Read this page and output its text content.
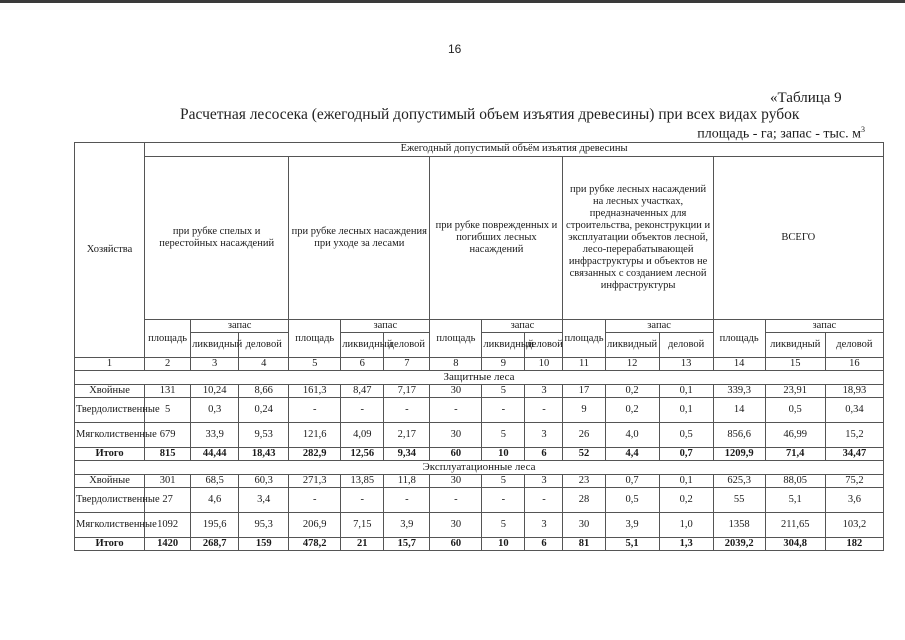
16
«Таблица 9
Расчетная лесосека (ежегодный допустимый объем изъятия древесины) при всех видах рубок
площадь - га; запас - тыс. $м^3$
Хозяйства	Ежегодный допустимый объём изъятия древесины														
	при рубке спелых и перестойных насаждений			при рубке лесных насаждения при уходе за лесами			при рубке поврежденных и погибших лесных насаждений			при рубке лесных насаждений на лесных участках, предназначенных для строительства, реконструкции и эксплуатации объектов лесной, лесо-перерабатывающей инфраструктуры и объектов не связанных с созданием лесной инфраструктуры			ВСЕГО		
	площадь	запас		площадь	запас		площадь	запас		площадь	запас		площадь	запас	
		ликвидный	деловой		ликвидный	деловой		ликвидный	деловой		ликвидный	деловой		ликвидный	деловой
1	2	3	4	5	6	7	8	9	10	11	12	13	14	15	16
Защитные леса															
Хвойные	131	10,24	8,66	161,3	8,47	7,17	30	5	3	17	0,2	0,1	339,3	23,91	18,93
Твердолиственные	5	0,3	0,24	-	-	-	-	-	-	9	0,2	0,1	14	0,5	0,34
Мягколиственные	679	33,9	9,53	121,6	4,09	2,17	30	5	3	26	4,0	0,5	856,6	46,99	15,2
Итого	815	44,44	18,43	282,9	12,56	9,34	60	10	6	52	4,4	0,7	1209,9	71,4	34,47
Эксплуатационные леса															
Хвойные	301	68,5	60,3	271,3	13,85	11,8	30	5	3	23	0,7	0,1	625,3	88,05	75,2
Твердолиственные	27	4,6	3,4	-	-	-	-	-	-	28	0,5	0,2	55	5,1	3,6
Мягколиственные	1092	195,6	95,3	206,9	7,15	3,9	30	5	3	30	3,9	1,0	1358	211,65	103,2
Итого	1420	268,7	159	478,2	21	15,7	60	10	6	81	5,1	1,3	2039,2	304,8	182
